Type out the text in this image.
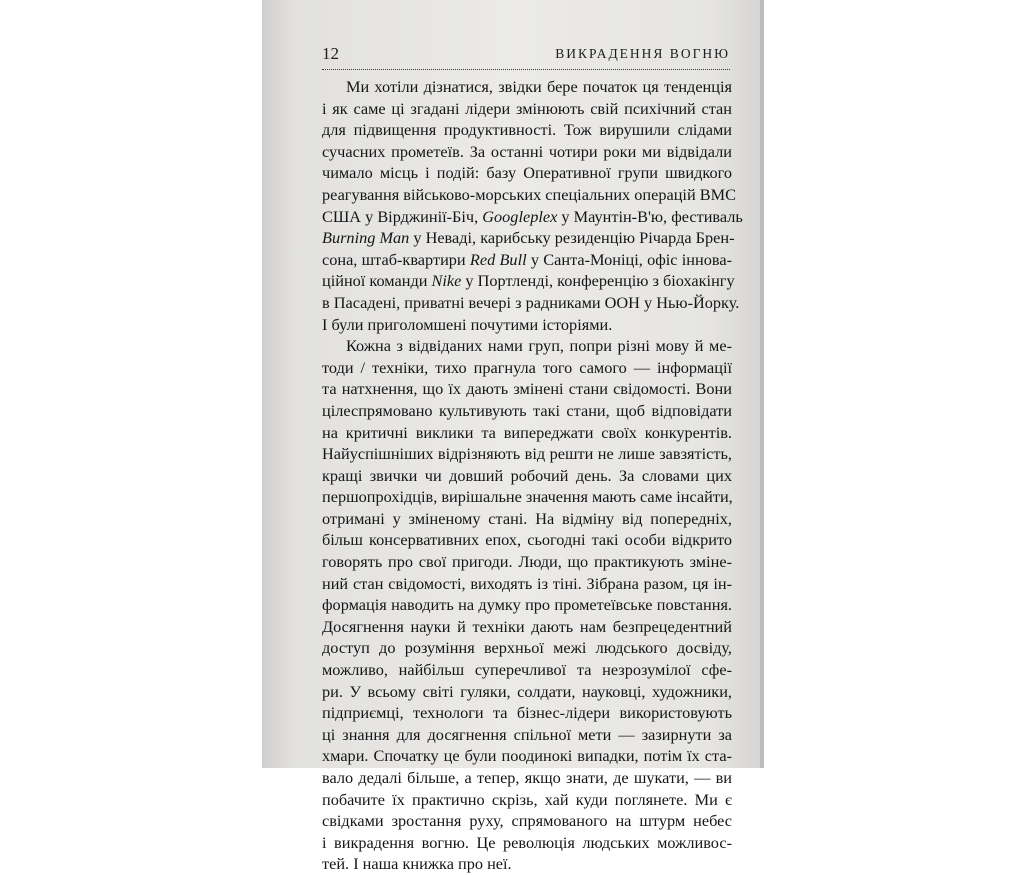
12	ВИКРАДЕННЯ ВОГНЮ
Ми хотіли дізнатися, звідки бере початок ця тенденція
і як саме ці згадані лідери змінюють свій психічний стан
для підвищення продуктивності. Тож вирушили слідами
сучасних прометеїв. За останні чотири роки ми відвідали
чимало місць і подій: базу Оперативної групи швидкого
реагування військово-морських спеціальних операцій ВМС
США у Вірджинії-Біч, Googleplex у Маунтін-В'ю, фестиваль
Burning Man у Неваді, карибську резиденцію Річарда Брен-
сона, штаб-квартири Red Bull у Санта-Моніці, офіс іннова-
ційної команди Nike у Портленді, конференцію з біохакінгу
в Пасадені, приватні вечері з радниками ООН у Нью-Йорку.
І були приголомшені почутими історіями.
Кожна з відвіданих нами груп, попри різні мову й ме-
тоди / техніки, тихо прагнула того самого — інформації
та натхнення, що їх дають змінені стани свідомості. Вони
цілеспрямовано культивують такі стани, щоб відповідати
на критичні виклики та випереджати своїх конкурентів.
Найуспішніших відрізняють від решти не лише завзятість,
кращі звички чи довший робочий день. За словами цих
першопрохідців, вирішальне значення мають саме інсайти,
отримані у зміненому стані. На відміну від попередніх,
більш консервативних епох, сьогодні такі особи відкрито
говорять про свої пригоди. Люди, що практикують змінe-
ний стан свідомості, виходять із тіні. Зібрана разом, ця ін-
формація наводить на думку про прометеївське повстання.
Досягнення науки й техніки дають нам безпрецедентний
доступ до розуміння верхньої межі людського досвіду,
можливо, найбільш суперечливої та незрозумілої сфе-
ри. У всьому світі гуляки, солдати, науковці, художники,
підприємці, технологи та бізнес-лідери використовують
ці знання для досягнення спільної мети — зазирнути за
хмари. Спочатку це були поодинокі випадки, потім їх ста-
вало дедалі більше, а тепер, якщо знати, де шукати, — ви
побачите їх практично скрізь, хай куди поглянете. Ми є
свідками зростання руху, спрямованого на штурм небес
і викрадення вогню. Це революція людських можливос-
тей. І наша книжка про неї.
